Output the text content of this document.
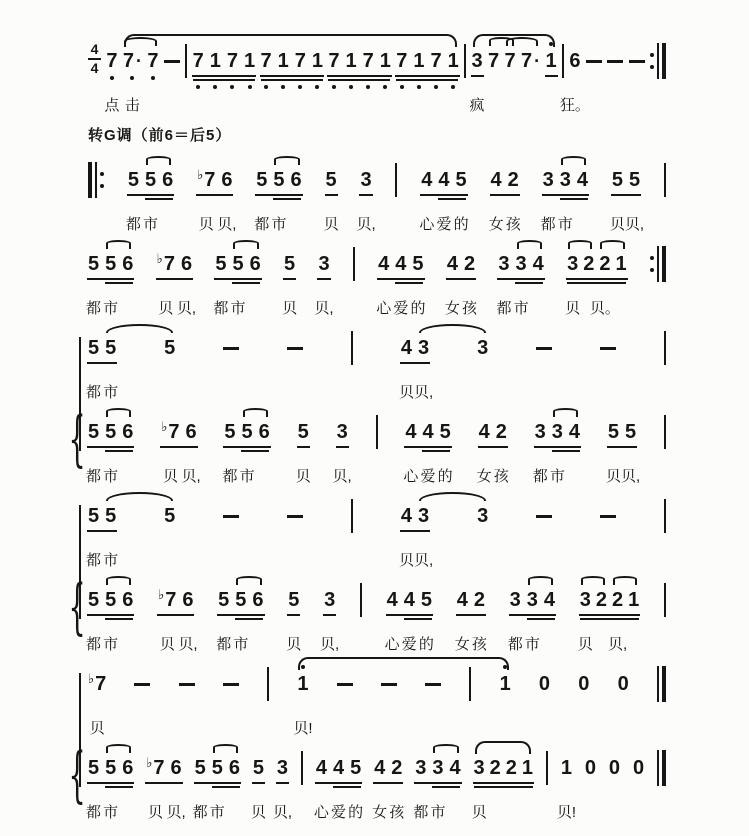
4
4 7
点
7 ·
击
7 7 1 7 1 7 1 7 1 7 1 7 1 7 1 7 1 3
疯
7 7 7 · 1 6
狂。
转G调（前6＝后5）
5
都
5
市
6 ♭7
贝
6
贝,
5
都
5
市
6 5
贝
3
贝,
4
心
4
爱
5
的
4
女
2
孩
3
都
3
市
4 5
贝
5
贝,
5
都
5
市
6 ♭7
贝
6
贝,
5
都
5
市
6 5
贝
3
贝,
4
心
4
爱
5
的
4
女
2
孩
3
都
3
市
4 3
贝
2 2
贝。
1
{
5
都
5
市
5	4
贝
3
贝,
3
5
都
5
市
6 ♭7
贝
6
贝,
5
都
5
市
6 5
贝
3
贝,
4
心
4
爱
5
的
4
女
2
孩
3
都
3
市
4 5
贝
5
贝,
{
5
都
5
市
5	4
贝
3
贝,
3
5
都
5
市
6 ♭7
贝
6
贝,
5
都
5
市
6 5
贝
3
贝,
4
心
4
爱
5
的
4
女
2
孩
3
都
3
市
4 3
贝
2 2
贝,
1
{
♭7
贝
1
贝!
1 0 0 0
5
都
5
市
6 ♭7
贝
6
贝,
5
都
5
市
6 5
贝
3
贝,
4
心
4
爱
5
的
4
女
2
孩
3
都
3
市
4 3
贝
2 2 1 1
贝!
0 0 0
